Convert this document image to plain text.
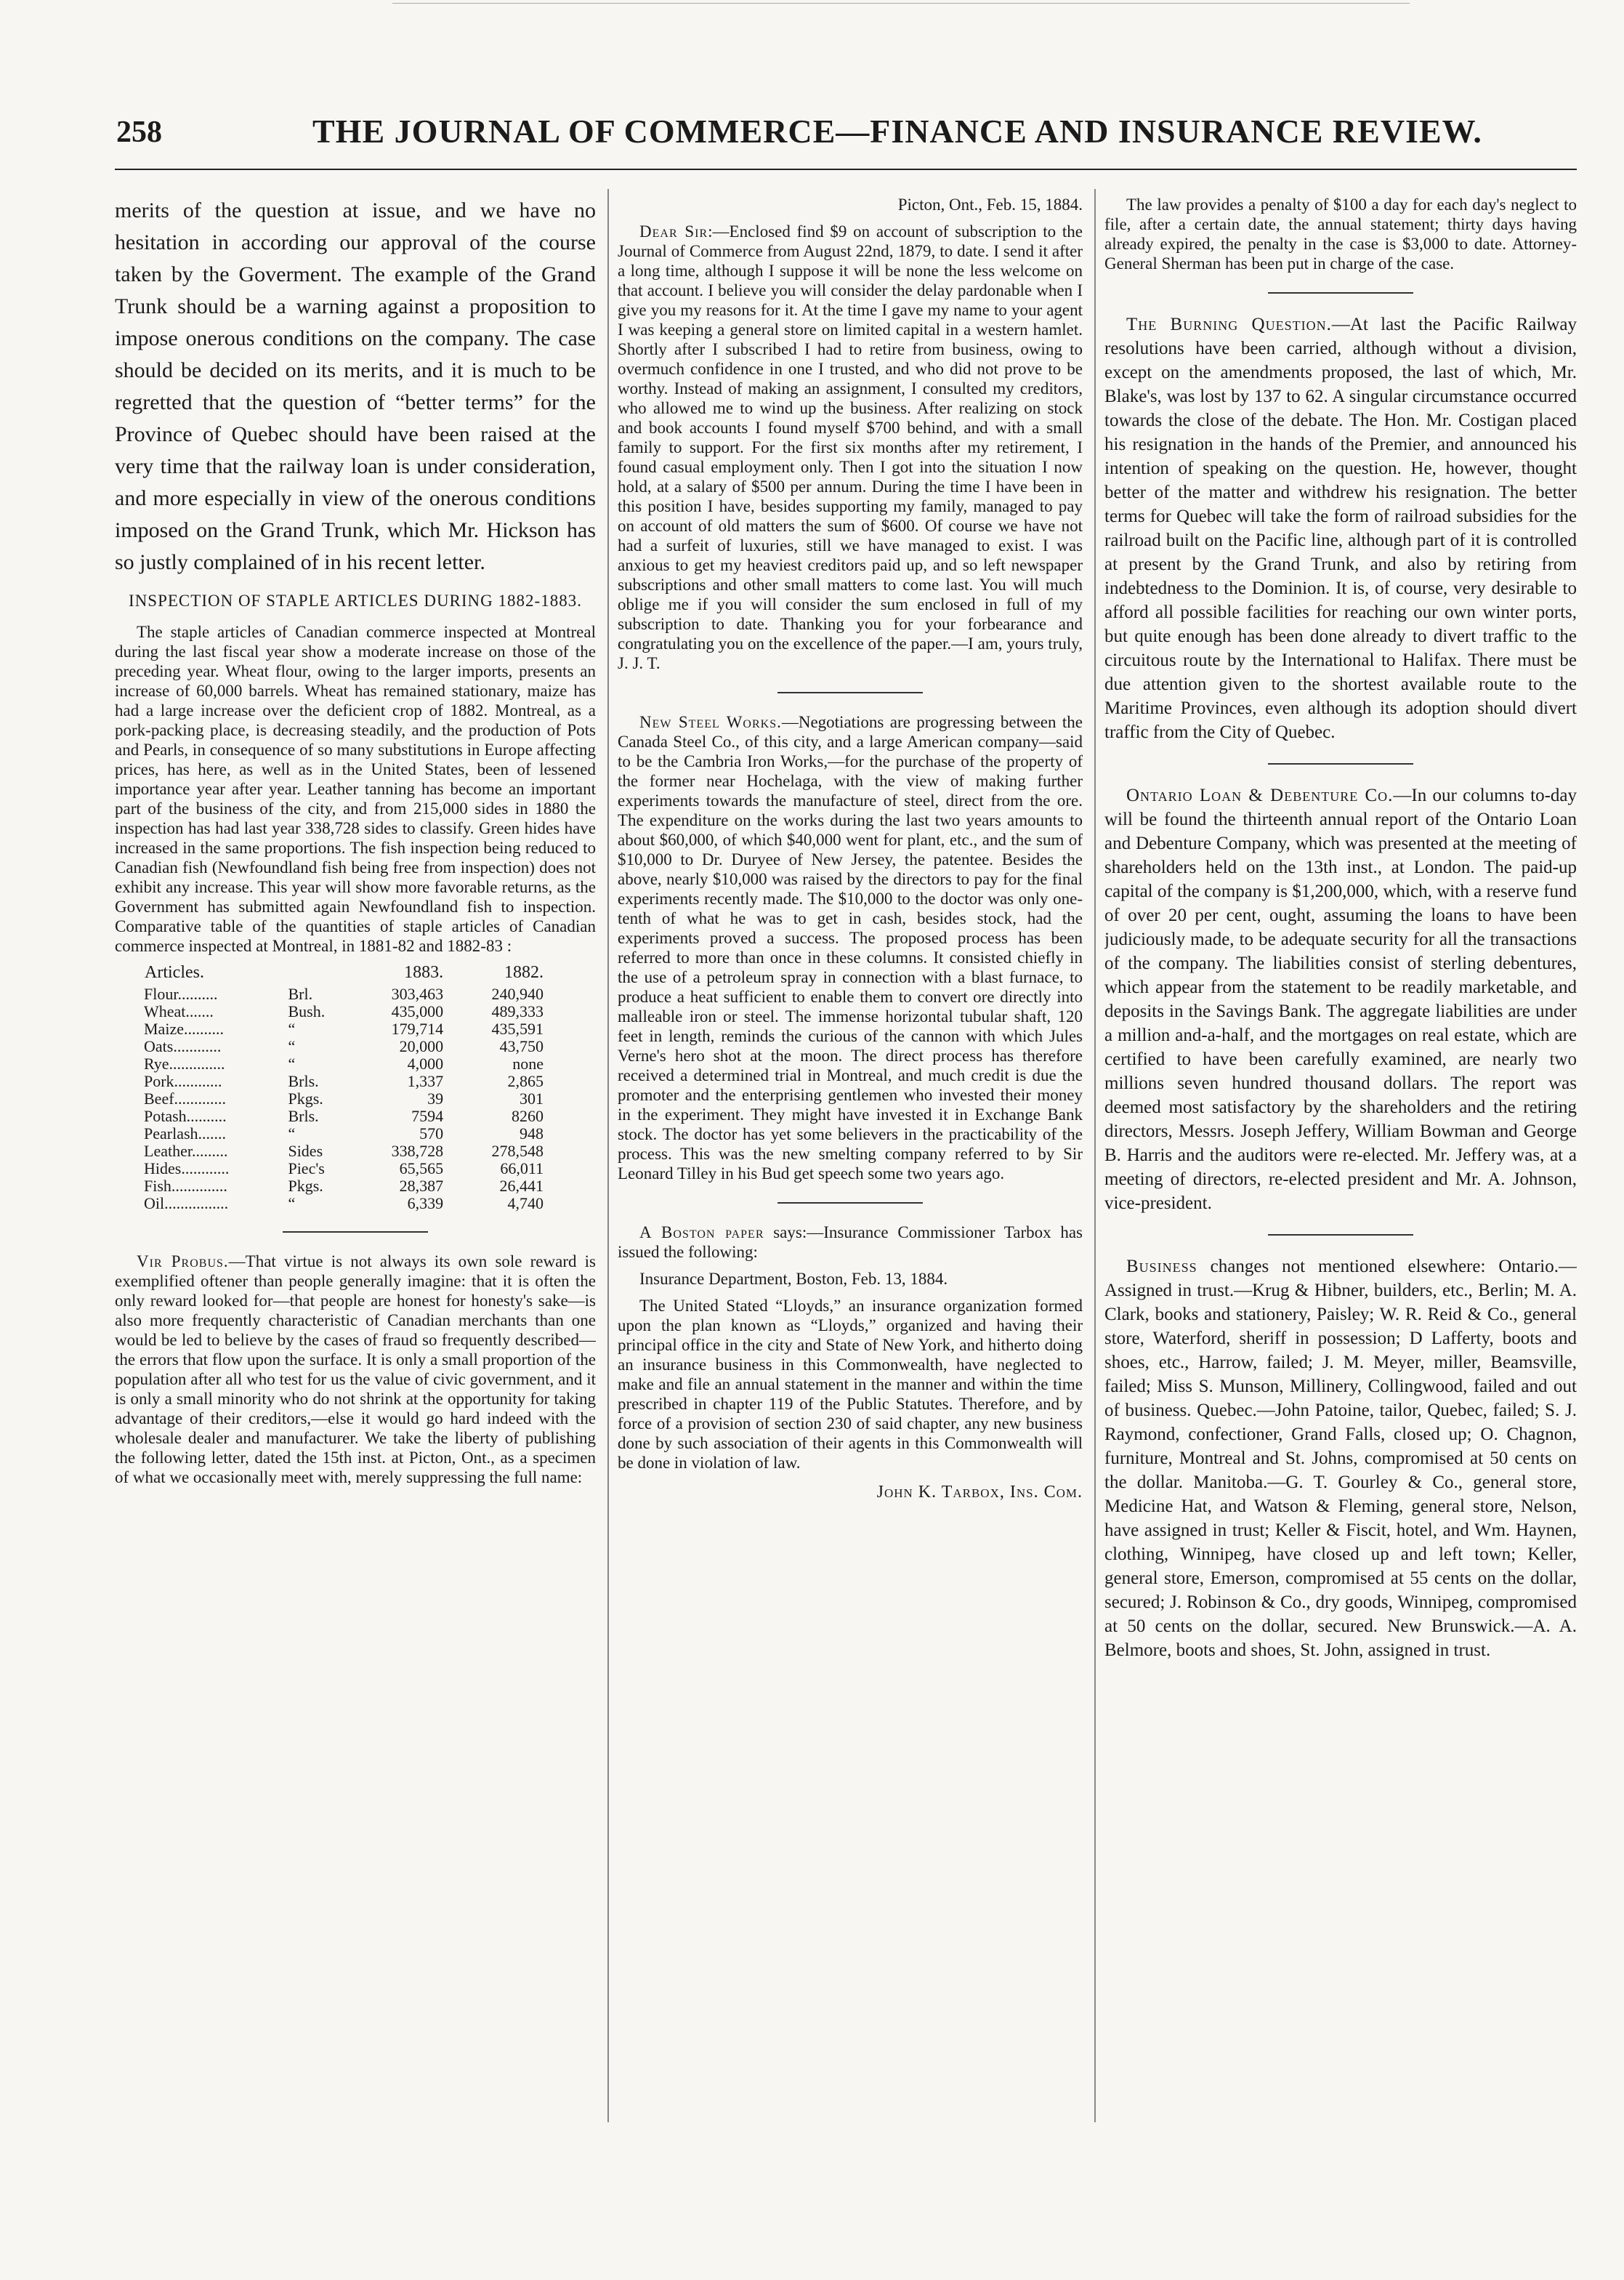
258	THE JOURNAL OF COMMERCE—FINANCE AND INSURANCE REVIEW.

merits of the question at issue, and we have no hesitation in according our approval of the course taken by the Goverment. The example of the Grand Trunk should be a warning against a proposition to impose onerous conditions on the company. The case should be decided on its merits, and it is much to be regretted that the question of “better terms” for the Province of Quebec should have been raised at the very time that the railway loan is under consideration, and more especially in view of the onerous conditions imposed on the Grand Trunk, which Mr. Hickson has so justly complained of in his recent letter.

INSPECTION OF STAPLE ARTICLES DURING 1882-1883.

The staple articles of Canadian commerce inspected at Montreal during the last fiscal year show a moderate increase on those of the preceding year. Wheat flour, owing to the larger imports, presents an increase of 60,000 barrels. Wheat has remained stationary, maize has had a large increase over the deficient crop of 1882. Montreal, as a pork-packing place, is decreasing steadily, and the production of Pots and Pearls, in consequence of so many substitutions in Europe affecting prices, has here, as well as in the United States, been of lessened importance year after year. Leather tanning has become an important part of the business of the city, and from 215,000 sides in 1880 the inspection has had last year 338,728 sides to classify. Green hides have increased in the same proportions. The fish inspection being reduced to Canadian fish (Newfoundland fish being free from inspection) does not exhibit any increase. This year will show more favorable returns, as the Government has submitted again Newfoundland fish to inspection. Comparative table of the quantities of staple articles of Canadian commerce inspected at Montreal, in 1881-82 and 1882-83 :

Articles.		1883.	1882.
Flour..........	Brl.	303,463	240,940
Wheat.......	Bush.	435,000	489,333
Maize..........	“	179,714	435,591
Oats............	“	20,000	43,750
Rye..............	“	4,000	none
Pork............	Brls.	1,337	2,865
Beef.............	Pkgs.	39	301
Potash..........	Brls.	7594	8260
Pearlash.......	“	570	948
Leather.........	Sides	338,728	278,548
Hides............	Piec's	65,565	66,011
Fish..............	Pkgs.	28,387	26,441
Oil................	“	6,339	4,740

Vir Probus.—That virtue is not always its own sole reward is exemplified oftener than people generally imagine: that it is often the only reward looked for—that people are honest for honesty's sake—is also more frequently characteristic of Canadian merchants than one would be led to believe by the cases of fraud so frequently described—the errors that flow upon the surface. It is only a small proportion of the population after all who test for us the value of civic government, and it is only a small minority who do not shrink at the opportunity for taking advantage of their creditors,—else it would go hard indeed with the wholesale dealer and manufacturer. We take the liberty of publishing the following letter, dated the 15th inst. at Picton, Ont., as a specimen of what we occasionally meet with, merely suppressing the full name:

Picton, Ont., Feb. 15, 1884.

Dear Sir:—Enclosed find $9 on account of subscription to the Journal of Commerce from August 22nd, 1879, to date. I send it after a long time, although I suppose it will be none the less welcome on that account. I believe you will consider the delay pardonable when I give you my reasons for it. At the time I gave my name to your agent I was keeping a general store on limited capital in a western hamlet. Shortly after I subscribed I had to retire from business, owing to overmuch confidence in one I trusted, and who did not prove to be worthy. Instead of making an assignment, I consulted my creditors, who allowed me to wind up the business. After realizing on stock and book accounts I found myself $700 behind, and with a small family to support. For the first six months after my retirement, I found casual employment only. Then I got into the situation I now hold, at a salary of $500 per annum. During the time I have been in this position I have, besides supporting my family, managed to pay on account of old matters the sum of $600. Of course we have not had a surfeit of luxuries, still we have managed to exist. I was anxious to get my heaviest creditors paid up, and so left newspaper subscriptions and other small matters to come last. You will much oblige me if you will consider the sum enclosed in full of my subscription to date. Thanking you for your forbearance and congratulating you on the excellence of the paper.—I am, yours truly, J. J. T.

New Steel Works.—Negotiations are progressing between the Canada Steel Co., of this city, and a large American company—said to be the Cambria Iron Works,—for the purchase of the property of the former near Hochelaga, with the view of making further experiments towards the manufacture of steel, direct from the ore. The expenditure on the works during the last two years amounts to about $60,000, of which $40,000 went for plant, etc., and the sum of $10,000 to Dr. Duryee of New Jersey, the patentee. Besides the above, nearly $10,000 was raised by the directors to pay for the final experiments recently made. The $10,000 to the doctor was only one-tenth of what he was to get in cash, besides stock, had the experiments proved a success. The proposed process has been referred to more than once in these columns. It consisted chiefly in the use of a petroleum spray in connection with a blast furnace, to produce a heat sufficient to enable them to convert ore directly into malleable iron or steel. The immense horizontal tubular shaft, 120 feet in length, reminds the curious of the cannon with which Jules Verne's hero shot at the moon. The direct process has therefore received a determined trial in Montreal, and much credit is due the promoter and the enterprising gentlemen who invested their money in the experiment. They might have invested it in Exchange Bank stock. The doctor has yet some believers in the practicability of the process. This was the new smelting company referred to by Sir Leonard Tilley in his Bud get speech some two years ago.

A Boston paper says:—Insurance Commissioner Tarbox has issued the following:

Insurance Department, Boston, Feb. 13, 1884.

The United Stated “Lloyds,” an insurance organization formed upon the plan known as “Lloyds,” organized and having their principal office in the city and State of New York, and hitherto doing an insurance business in this Commonwealth, have neglected to make and file an annual statement in the manner and within the time prescribed in chapter 119 of the Public Statutes. Therefore, and by force of a provision of section 230 of said chapter, any new business done by such association of their agents in this Commonwealth will be done in violation of law.

John K. Tarbox, Ins. Com.

The law provides a penalty of $100 a day for each day's neglect to file, after a certain date, the annual statement; thirty days having already expired, the penalty in the case is $3,000 to date. Attorney-General Sherman has been put in charge of the case.

The Burning Question.—At last the Pacific Railway resolutions have been carried, although without a division, except on the amendments proposed, the last of which, Mr. Blake's, was lost by 137 to 62. A singular circumstance occurred towards the close of the debate. The Hon. Mr. Costigan placed his resignation in the hands of the Premier, and announced his intention of speaking on the question. He, however, thought better of the matter and withdrew his resignation. The better terms for Quebec will take the form of railroad subsidies for the railroad built on the Pacific line, although part of it is controlled at present by the Grand Trunk, and also by retiring from indebtedness to the Dominion. It is, of course, very desirable to afford all possible facilities for reaching our own winter ports, but quite enough has been done already to divert traffic to the circuitous route by the International to Halifax. There must be due attention given to the shortest available route to the Maritime Provinces, even although its adoption should divert traffic from the City of Quebec.

Ontario Loan & Debenture Co.—In our columns to-day will be found the thirteenth annual report of the Ontario Loan and Debenture Company, which was presented at the meeting of shareholders held on the 13th inst., at London. The paid-up capital of the company is $1,200,000, which, with a reserve fund of over 20 per cent, ought, assuming the loans to have been judiciously made, to be adequate security for all the transactions of the company. The liabilities consist of sterling debentures, which appear from the statement to be readily marketable, and deposits in the Savings Bank. The aggregate liabilities are under a million and-a-half, and the mortgages on real estate, which are certified to have been carefully examined, are nearly two millions seven hundred thousand dollars. The report was deemed most satisfactory by the shareholders and the retiring directors, Messrs. Joseph Jeffery, William Bowman and George B. Harris and the auditors were re-elected. Mr. Jeffery was, at a meeting of directors, re-elected president and Mr. A. Johnson, vice-president.

Business changes not mentioned elsewhere: Ontario.—Assigned in trust.—Krug & Hibner, builders, etc., Berlin; M. A. Clark, books and stationery, Paisley; W. R. Reid & Co., general store, Waterford, sheriff in possession; D Lafferty, boots and shoes, etc., Harrow, failed; J. M. Meyer, miller, Beamsville, failed; Miss S. Munson, Millinery, Collingwood, failed and out of business. Quebec.—John Patoine, tailor, Quebec, failed; S. J. Raymond, confectioner, Grand Falls, closed up; O. Chagnon, furniture, Montreal and St. Johns, compromised at 50 cents on the dollar. Manitoba.—G. T. Gourley & Co., general store, Medicine Hat, and Watson & Fleming, general store, Nelson, have assigned in trust; Keller & Fiscit, hotel, and Wm. Haynen, clothing, Winnipeg, have closed up and left town; Keller, general store, Emerson, compromised at 55 cents on the dollar, secured; J. Robinson & Co., dry goods, Winnipeg, compromised at 50 cents on the dollar, secured. New Brunswick.—A. A. Belmore, boots and shoes, St. John, assigned in trust.
